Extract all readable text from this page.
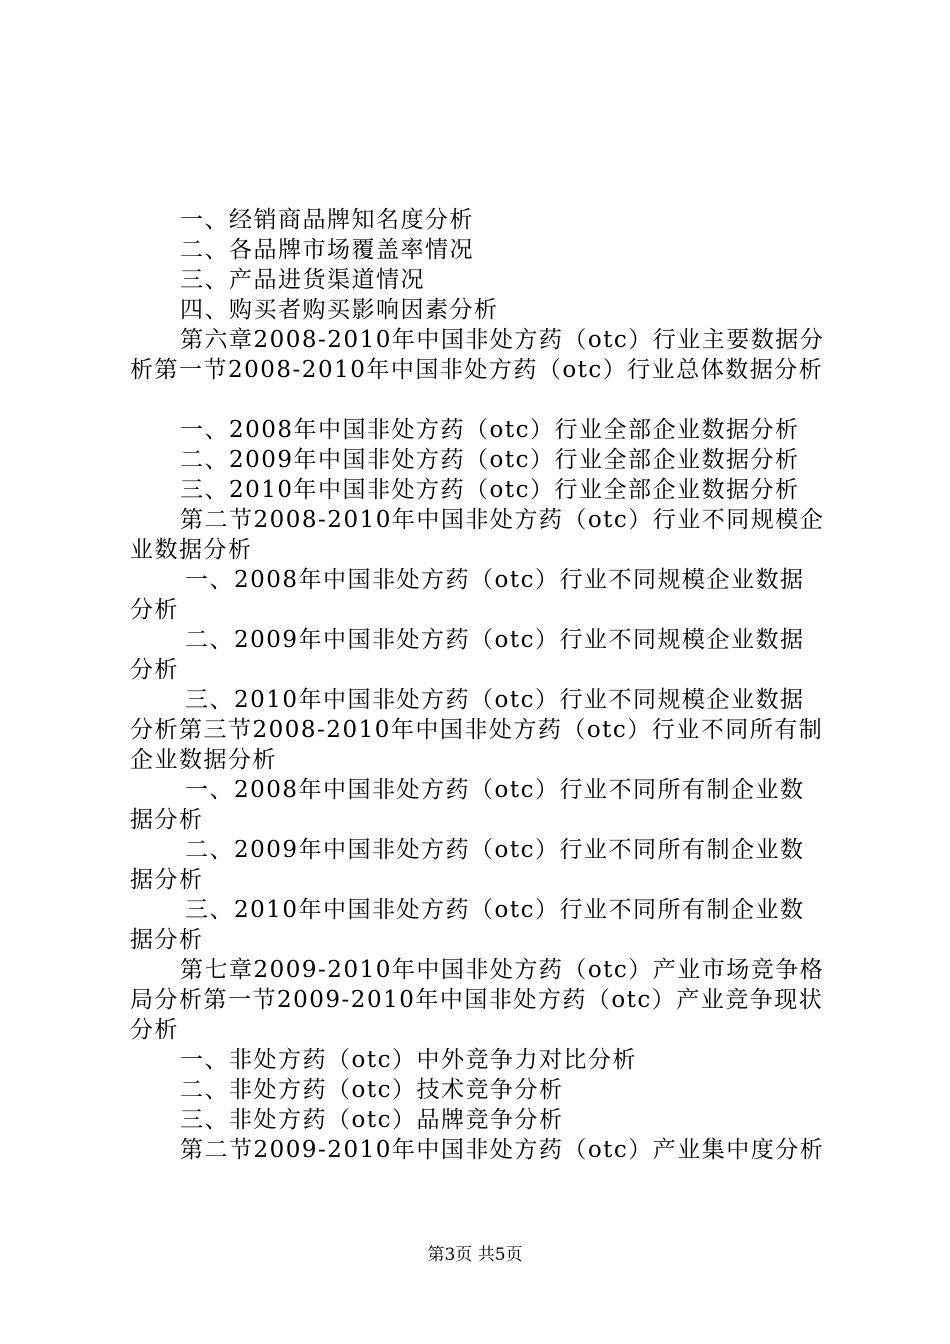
一、经销商品牌知名度分析
二、各品牌市场覆盖率情况
三、产品进货渠道情况
四、购买者购买影响因素分析
第六章2008-2010年中国非处方药（otc）行业主要数据分
析第一节2008-2010年中国非处方药（otc）行业总体数据分析
一、2008年中国非处方药（otc）行业全部企业数据分析
二、2009年中国非处方药（otc）行业全部企业数据分析
三、2010年中国非处方药（otc）行业全部企业数据分析
第二节2008-2010年中国非处方药（otc）行业不同规模企
业数据分析
一、2008年中国非处方药（otc）行业不同规模企业数据
分析
二、2009年中国非处方药（otc）行业不同规模企业数据
分析
三、2010年中国非处方药（otc）行业不同规模企业数据
分析第三节2008-2010年中国非处方药（otc）行业不同所有制
企业数据分析
一、2008年中国非处方药（otc）行业不同所有制企业数
据分析
二、2009年中国非处方药（otc）行业不同所有制企业数
据分析
三、2010年中国非处方药（otc）行业不同所有制企业数
据分析
第七章2009-2010年中国非处方药（otc）产业市场竞争格
局分析第一节2009-2010年中国非处方药（otc）产业竞争现状
分析
一、非处方药（otc）中外竞争力对比分析
二、非处方药（otc）技术竞争分析
三、非处方药（otc）品牌竞争分析
第二节2009-2010年中国非处方药（otc）产业集中度分析
第3页 共5页
